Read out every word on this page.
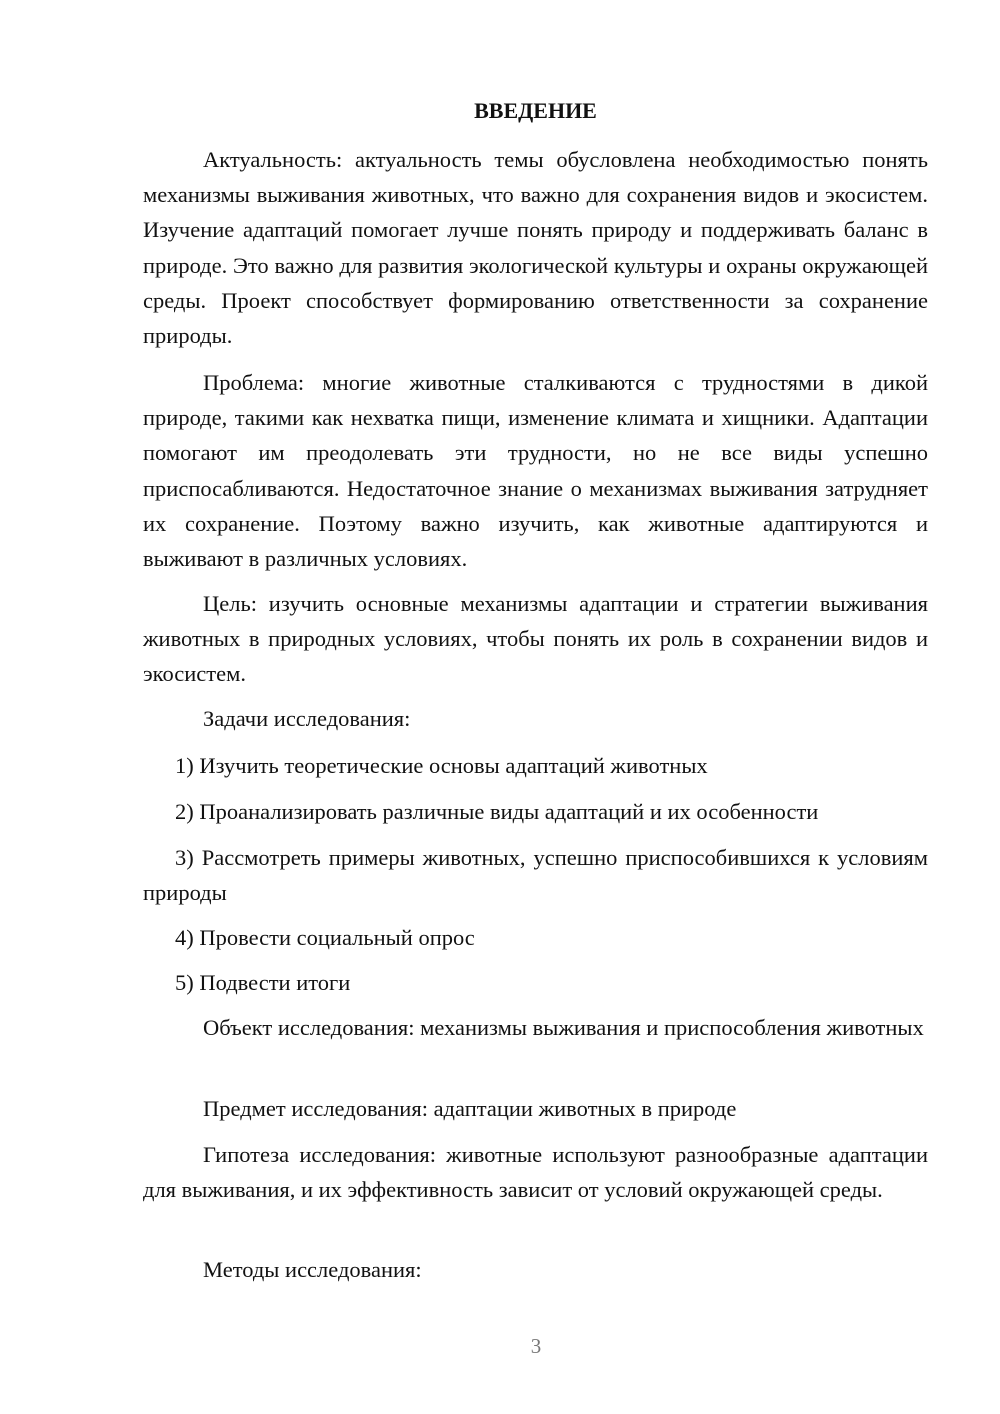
ВВЕДЕНИЕ

Актуальность: актуальность темы обусловлена необходимостью понять механизмы выживания животных, что важно для сохранения видов и экосистем. Изучение адаптаций помогает лучше понять природу и поддерживать баланс в природе. Это важно для развития экологической культуры и охраны окружающей среды. Проект способствует формированию ответственности за сохранение природы.

Проблема: многие животные сталкиваются с трудностями в дикой природе, такими как нехватка пищи, изменение климата и хищники. Адаптации помогают им преодолевать эти трудности, но не все виды успешно приспосабливаются. Недостаточное знание о механизмах выживания затрудняет их сохранение. Поэтому важно изучить, как животные адаптируются и выживают в различных условиях.

Цель: изучить основные механизмы адаптации и стратегии выживания животных в природных условиях, чтобы понять их роль в сохранении видов и экосистем.

Задачи исследования:

1) Изучить теоретические основы адаптаций животных

2) Проанализировать различные виды адаптаций и их особенности

3) Рассмотреть примеры животных, успешно приспособившихся к условиям природы

4) Провести социальный опрос

5) Подвести итоги

Объект исследования: механизмы выживания и приспособления животных

Предмет исследования: адаптации животных в природе

Гипотеза исследования: животные используют разнообразные адаптации для выживания, и их эффективность зависит от условий окружающей среды.

Методы исследования:

3
